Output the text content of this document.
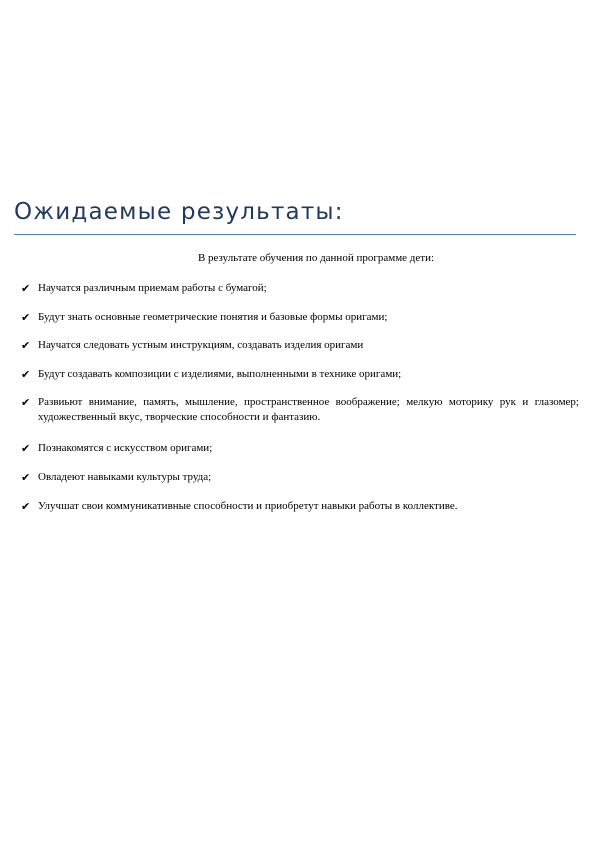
Ожидаемые результаты:
В результате обучения по данной программе дети:
✔ Научатся различным приемам работы с бумагой;
✔ Будут знать основные геометрические понятия и базовые формы оригами;
✔ Научатся следовать устным инструкциям, создавать изделия оригами
✔ Будут создавать композиции с изделиями, выполненными в технике оригами;
✔ Развиьют внимание, память, мышление, пространственное воображение; мелкую моторику рук и глазомер; художественный вкус, творческие способности и фантазию.
✔ Познакомятся с искусством оригами;
✔ Овладеют навыками культуры труда;
✔ Улучшат свои коммуникативные способности и приобретут навыки работы в коллективе.
